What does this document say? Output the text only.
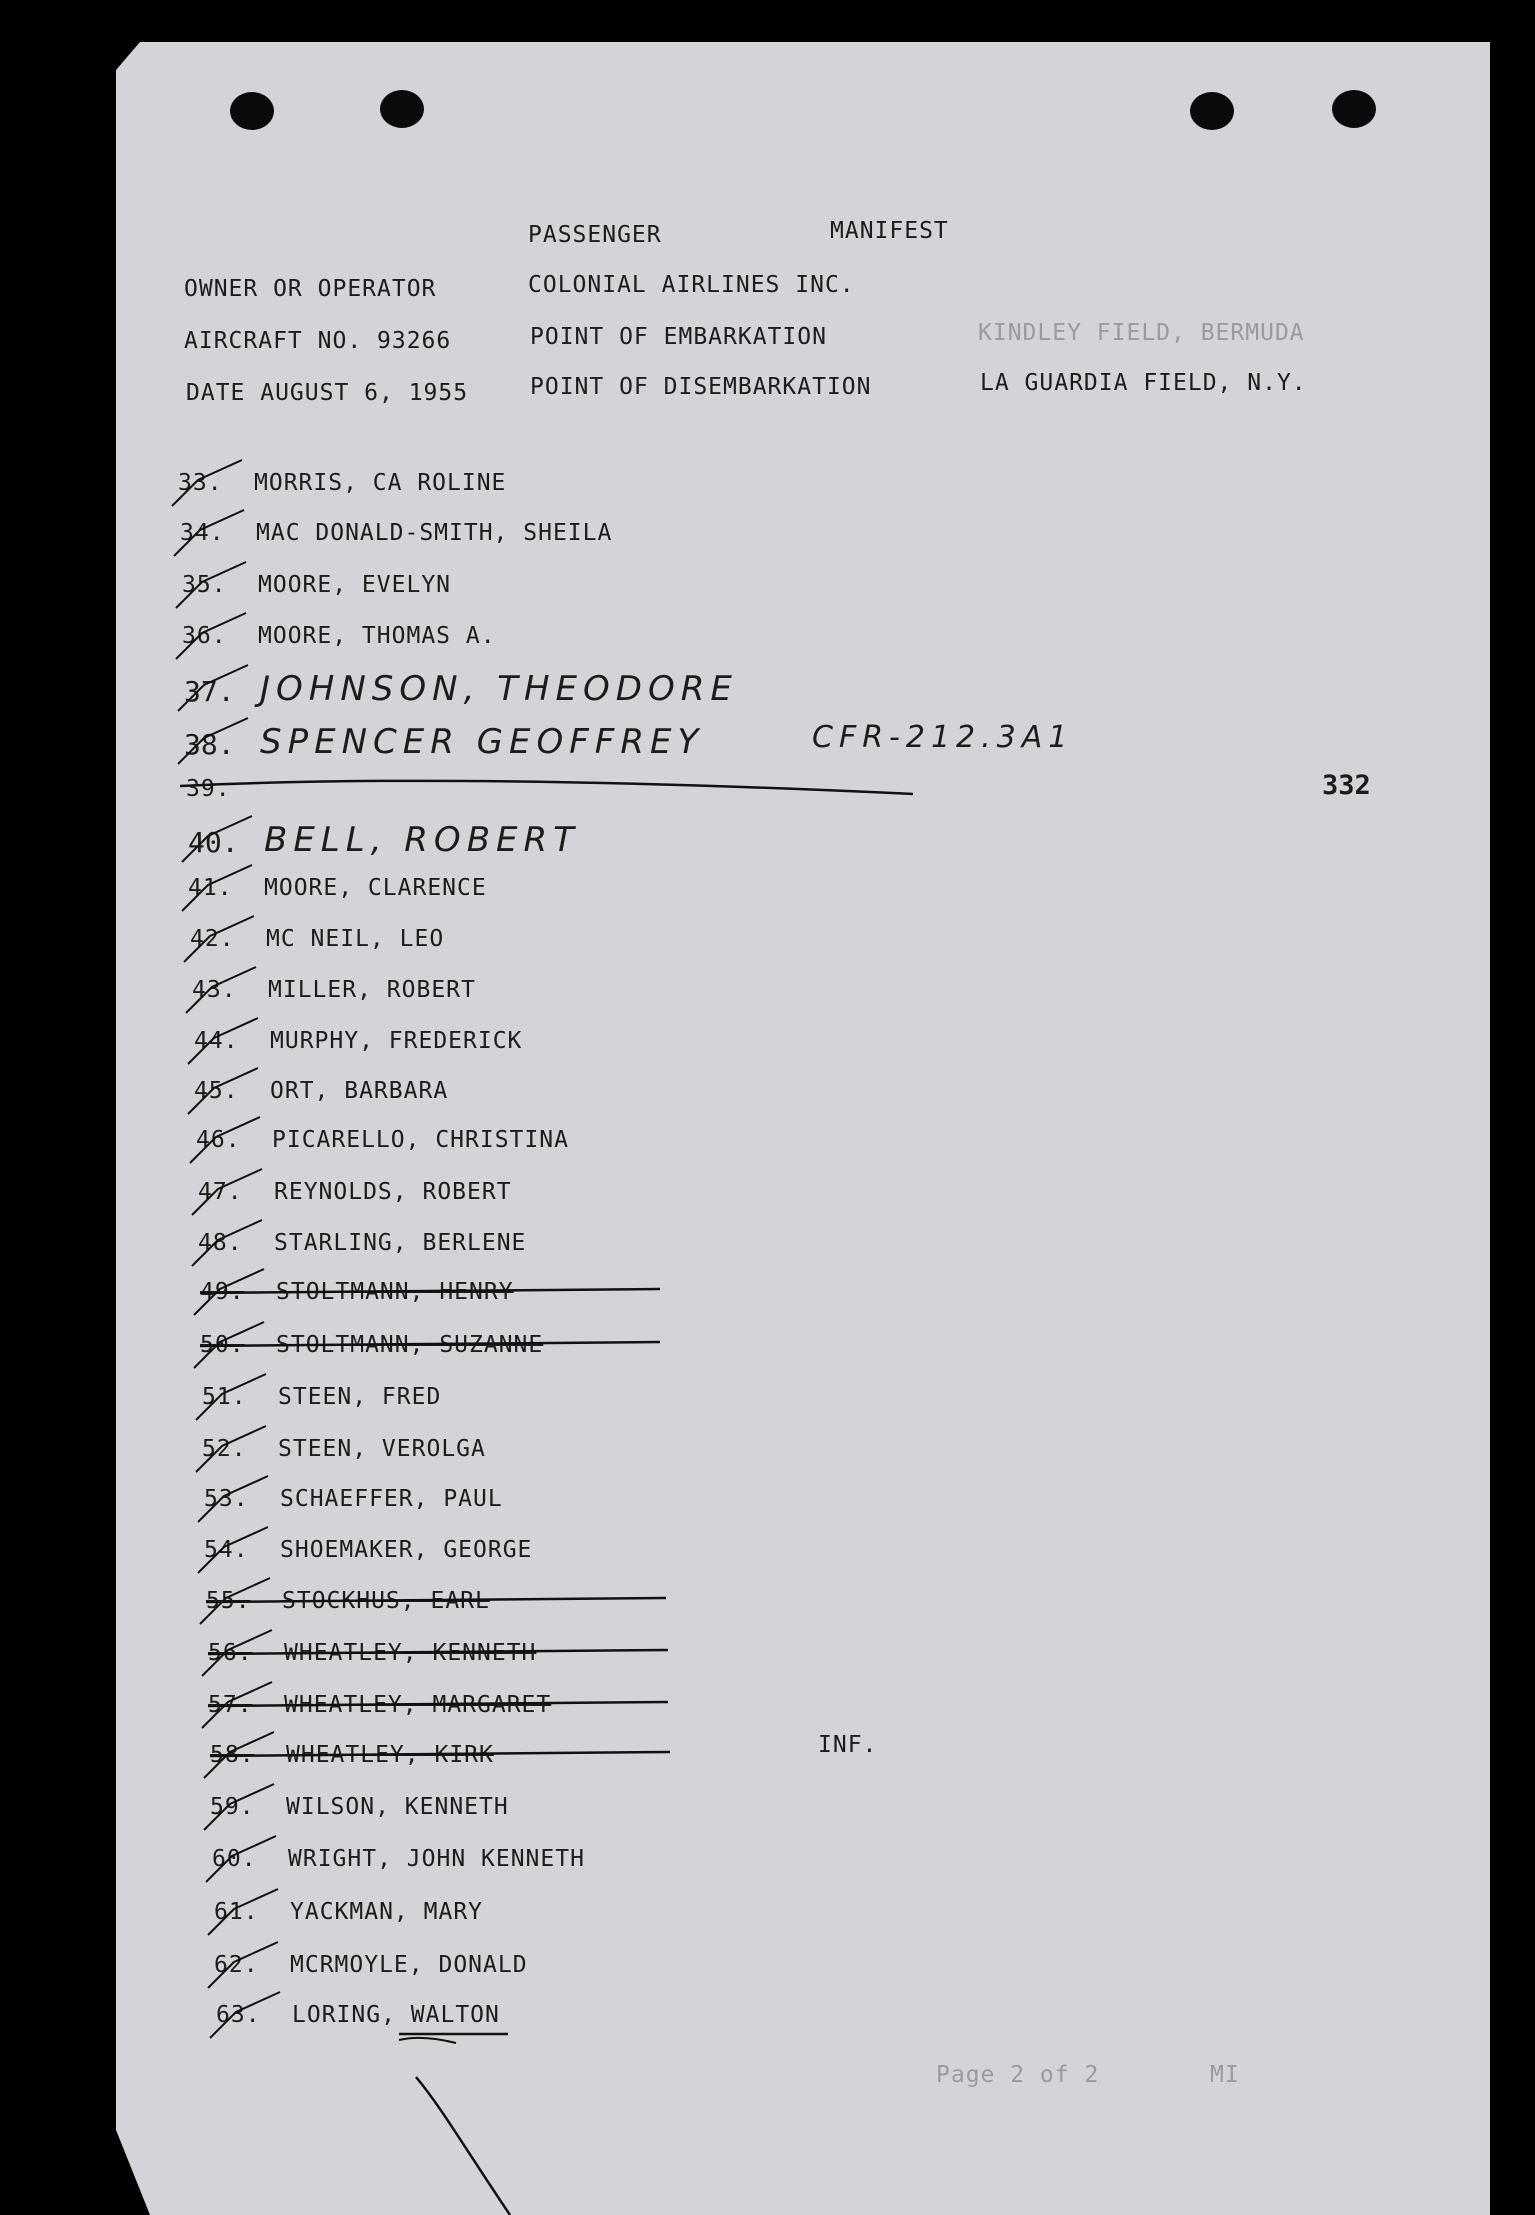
PASSENGER	MANIFEST
OWNER OR OPERATOR	COLONIAL AIRLINES INC.
AIRCRAFT NO. 93266	POINT OF EMBARKATION	KINDLEY FIELD, BERMUDA
DATE AUGUST 6, 1955	POINT OF DISEMBARKATION	LA GUARDIA FIELD, N.Y.
332
33. MORRIS, CA ROLINE
34. MAC DONALD-SMITH, SHEILA
35. MOORE, EVELYN
36. MOORE, THOMAS A.
37. JOHNSON, THEODORE
38. SPENCER GEOFFREY	CFR-212.3A1
39.
40. BELL, ROBERT
41. MOORE, CLARENCE
42. MC NEIL, LEO
43. MILLER, ROBERT
44. MURPHY, FREDERICK
45. ORT, BARBARA
46. PICARELLO, CHRISTINA
47. REYNOLDS, ROBERT
48. STARLING, BERLENE
49. STOLTMANN, HENRY
50. STOLTMANN, SUZANNE
51. STEEN, FRED
52. STEEN, VEROLGA
53. SCHAEFFER, PAUL
54. SHOEMAKER, GEORGE
55. STOCKHUS, EARL
56. WHEATLEY, KENNETH
57. WHEATLEY, MARGARET
58. WHEATLEY, KIRK
59. WILSON, KENNETH
60. WRIGHT, JOHN KENNETH
61. YACKMAN, MARY
62. MCRMOYLE, DONALD
63. LORING, WALTON
INF.
Page 2 of 2	MI
